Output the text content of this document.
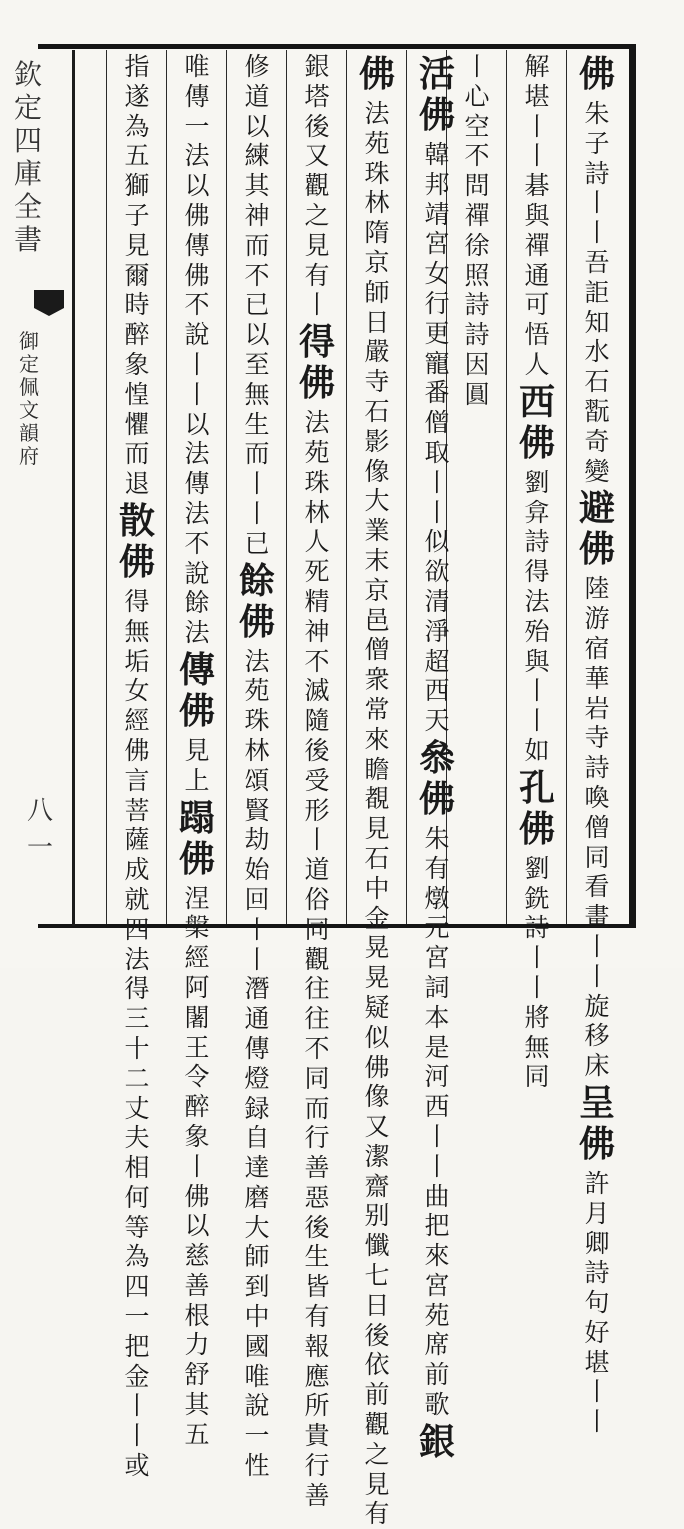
欽
定
四
庫
全
書
御
定
佩
文
韻
府
八一
佛
朱
子
詩
丨
丨
吾
詎
知
水
石
翫
奇
變
避
佛
陸
游
宿
華
岩
寺
詩
喚
僧
同
看
畫
丨
丨
旋
移
床
呈
佛
許
月
卿
詩
句
好
堪
丨
丨
解
堪
丨
丨
碁
與
禪
通
可
悟
人
西
佛
劉
弇
詩
得
法
殆
與
丨
丨
如
孔
佛
劉
銑
詩
丨
丨
將
無
同
丨
心
空
不
問
禪
徐
照
詩
詩
因
圓
活
佛
韓
邦
靖
宮
女
行
更
寵
番
僧
取
丨
丨
似
欲
清
淨
超
西
天
叅
佛
朱
有
燉
元
宮
詞
本
是
河
西
丨
丨
曲
把
來
宮
苑
席
前
歌
銀
佛
法
苑
珠
林
隋
京
師
日
嚴
寺
石
影
像
大
業
末
京
邑
僧
衆
常
來
瞻
覩
見
石
中
金
晃
晃
疑
似
佛
像
又
潔
齋
别
懺
七
日
後
依
前
觀
之
見
有
銀
塔
後
又
觀
之
見
有
丨
得
佛
法
苑
珠
林
人
死
精
神
不
滅
隨
後
受
形
丨
道
俗
同
觀
往
往
不
同
而
行
善
惡
後
生
皆
有
報
應
所
貴
行
善
修
道
以
練
其
神
而
不
已
以
至
無
生
而
丨
丨
已
餘
佛
法
苑
珠
林
頌
賢
劫
始
回
丨
丨
潛
通
傳
燈
録
自
達
磨
大
師
到
中
國
唯
說
一
性
唯
傳
一
法
以
佛
傳
佛
不
說
丨
丨
以
法
傳
法
不
說
餘
法
傳
佛
見
上
蹋
佛
涅
槃
經
阿
闍
王
令
醉
象
丨
佛
以
慈
善
根
力
舒
其
五
指
遂
為
五
獅
子
見
爾
時
醉
象
惶
懼
而
退
散
佛
得
無
垢
女
經
佛
言
菩
薩
成
就
四
法
得
三
十
二
丈
夫
相
何
等
為
四
一
把
金
丨
丨
或
